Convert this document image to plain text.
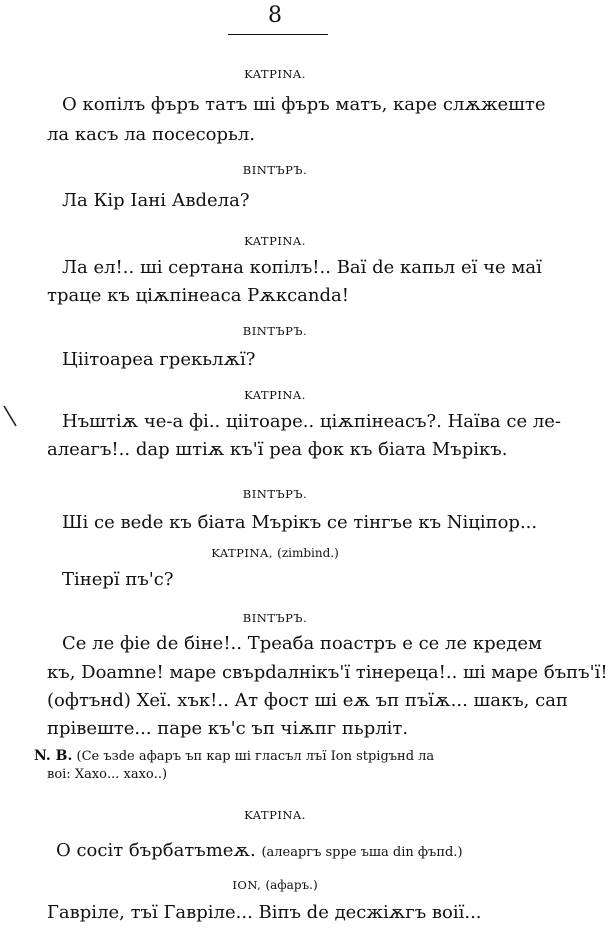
8
KATPINA.
О копілъ фъръ татъ ші фъръ матъ, каре слѫжеште
ла касъ ла посесорьл.
ВІNТЪРЪ.
Ла Кір Іані Авdела?
KATPINA.
Ла ел!.. ші сертана копілъ!.. Ваї de капьл еї че маї
траце къ ціѫпінеаса Рѫксаndа!
ВІNТЪРЪ.
Ціітоареа грекьлѫї?
KATPINA.
Нъштіѫ че-а фі.. ціітоаре.. ціѫпінеасъ?. Наїва се ле-
алеагъ!.. dар штіѫ къ'ї реа фок къ біата Мърікъ.
ВІNТЪРЪ.
Ші се веdе къ біата Мърікъ се тінгъе къ Nіціпор...
KATPINA, (zimbind.)
Тінерї пъ'с?
ВІNТЪРЪ.
Се ле фіе de біне!.. Треаба поастръ е се ле кредем
къ, Doamne! маре свърdалнікъ'ї тінереца!.. ші маре бъпъ'ї!
(офтънd) Хеї. хък!.. Ат фост ші еѫ ъп пъїѫ... шакъ, сап
прівеште... паре къ'с ъп чіѫпг пьрліт.
N. B. (Се ъзdе афаръ ъп кар ші гласъл лъї Іоn stрigънd ла
воі: Хахо... хахо..)
KATPINA.
О сосіт бърбатъmеѫ. (алеаргъ spре ъша din фъпd.)
ІОN, (афаръ.)
Гавріле, тъї Гавріле... Віпъ de десжіѫгъ воії...
